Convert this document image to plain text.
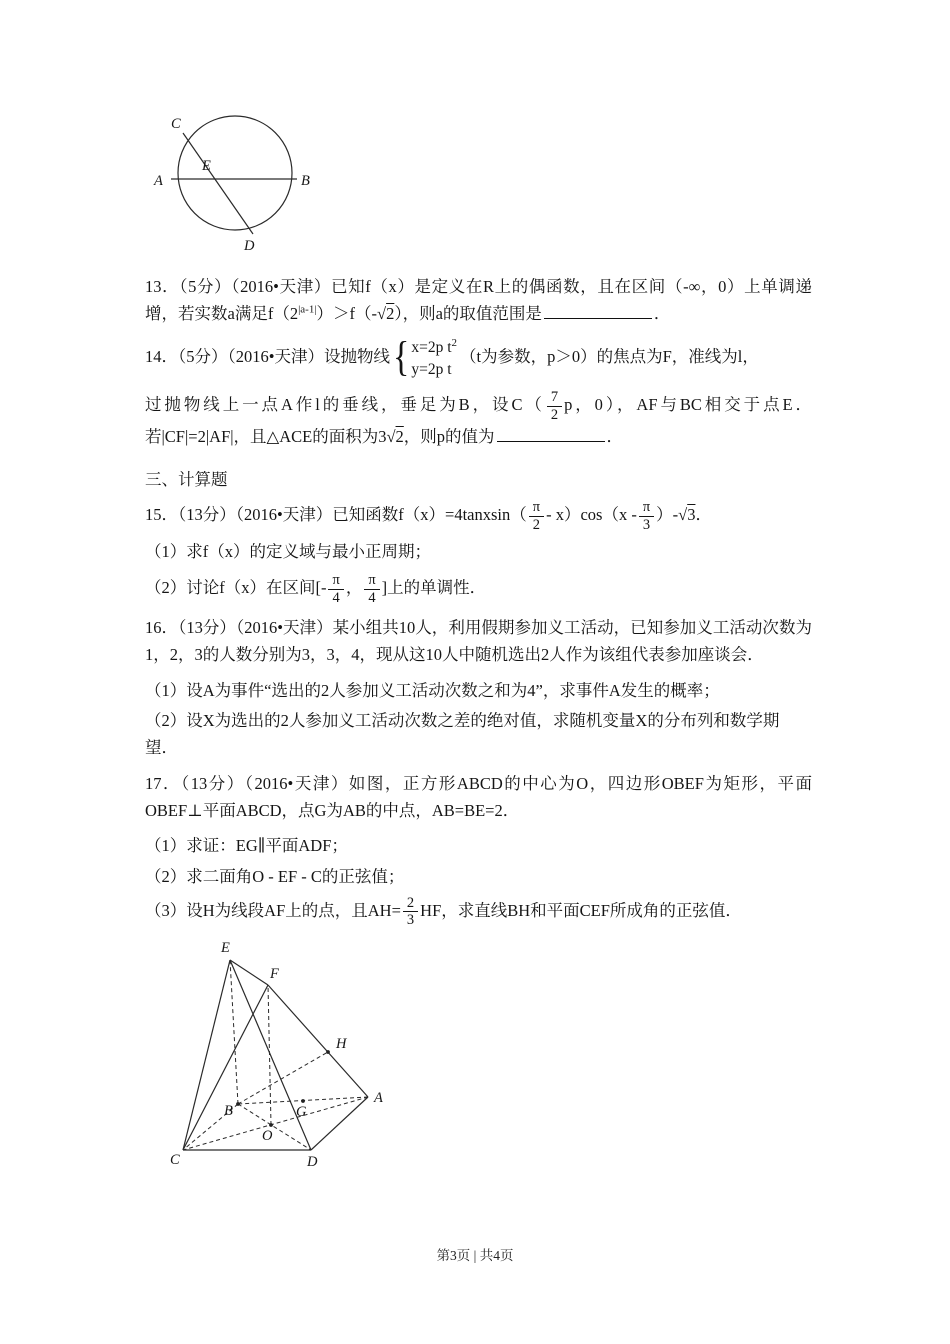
C
E
A	B
D

13．（5分）（2016•天津）已知f（x）是定义在R上的偶函数，且在区间（-∞，0）上单调递增，若实数a满足$f(2^{|a-1|})>f(-√2)$，则a的取值范围是	．

14．（5分）（2016•天津）设抛物线 { x=2p $t^2$
y=2p t
（t为参数，p＞0）的焦点为F，准线为l，

过抛物线上一点A作l的垂线，垂足为B，设$C( \frac{7}{2}$ p，0），AF与BC相交于点E．若|CF|=2|AF|，且△ACE的面积为3√2，则p的值为	．

三、计算题

15．（13分）（2016•天津）已知函数f（x）=4tanxsin（ $\frac{\pi}{2} - x)\cos(x - \frac{\pi}{3} )-√3$．

（1）求f（x）的定义域与最小正周期；

（2）讨论f（x）在区间[- $\frac{\pi}{4}$ ， $\frac{\pi}{4}$ ]上的单调性．

16．（13分）（2016•天津）某小组共10人，利用假期参加义工活动，已知参加义工活动次数为1，2，3的人数分别为3，3，4，现从这10人中随机选出2人作为该组代表参加座谈会．

（1）设A为事件“选出的2人参加义工活动次数之和为4”，求事件A发生的概率；

（2）设X为选出的2人参加义工活动次数之差的绝对值，求随机变量X的分布列和数学期望．

17．（13分）（2016•天津）如图，正方形ABCD的中心为O，四边形OBEF为矩形，平面OBEF⊥平面ABCD，点G为AB的中点，AB=BE=2．

（1）求证：EG∥平面ADF；

（2）求二面角O - EF - C的正弦值；

（3）设H为线段AF上的点，且$AH= \frac{2}{3}$ HF，求直线BH和平面CEF所成角的正弦值．

E
F
H
A
B	G
O
C	D
第3页 | 共4页
